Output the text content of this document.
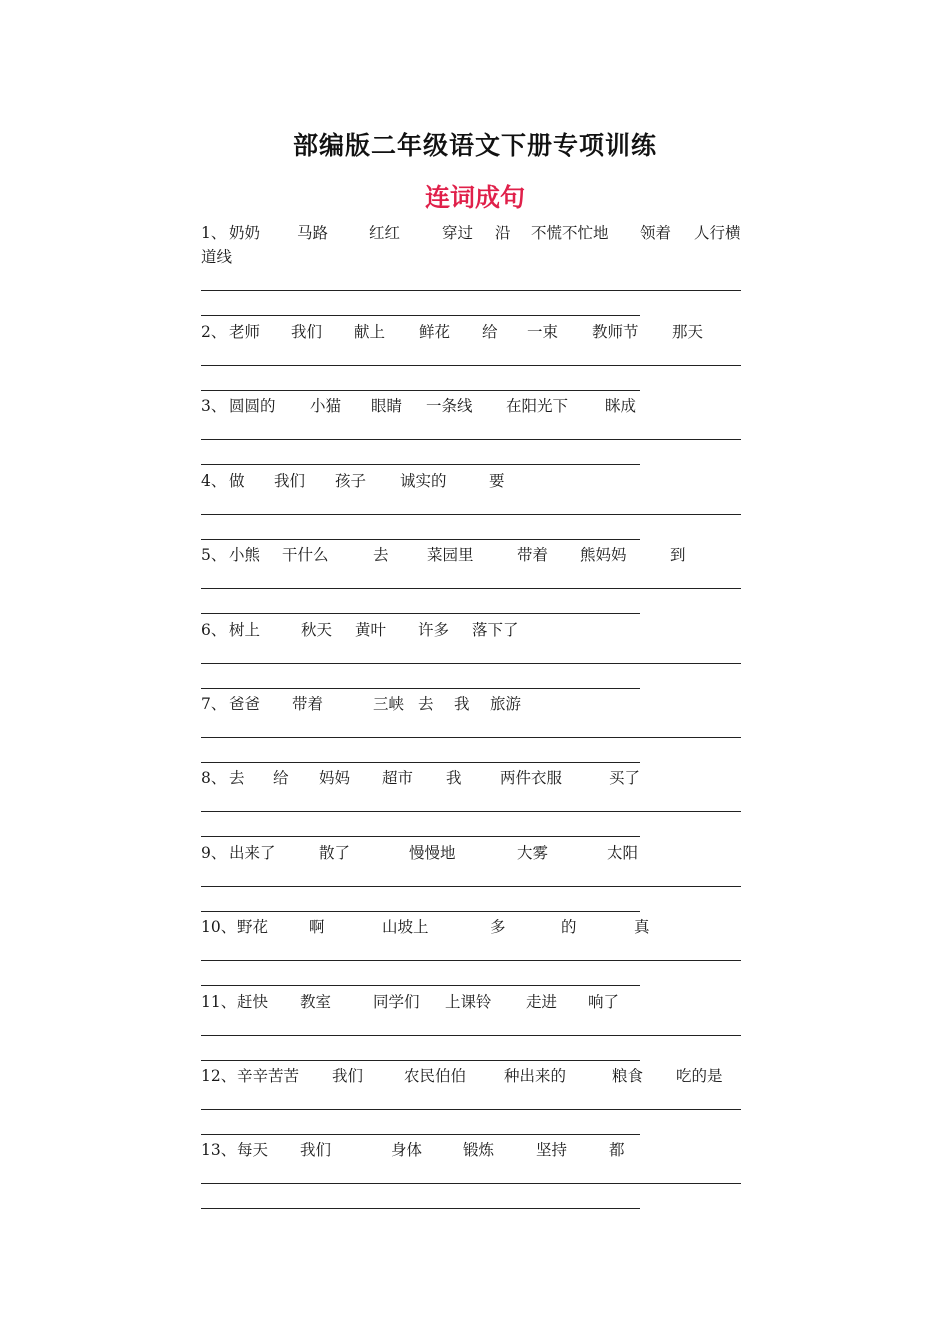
部编版二年级语文下册专项训练
连词成句
1、 奶奶 马路	红红	穿过 沿 不慌不忙地 领着 人行横
道线
2、 老师 我们 献上 鲜花 给 一束 教师节 那天
3、 圆圆的 小猫 眼睛 一条线 在阳光下 眯成
4、 做 我们 孩子 诚实的	要
5、 小熊 干什么	去 菜园里	带着 熊妈妈	到
6、 树上	秋天 黄叶 许多 落下了
7、 爸爸 带着	三峡 去 我 旅游
8、 去 给 妈妈 超市 我 两件衣服	买了
9、 出来了	散了	慢慢地	大雾	太阳
10、 野花	啊	山坡上	多	的	真
11、 赶快 教室	同学们 上课铃 走进 响了
12、 辛辛苦苦 我们	农民伯伯 种出来的	粮食 吃的是
13、 每天 我们	身体	锻炼	坚持	都
